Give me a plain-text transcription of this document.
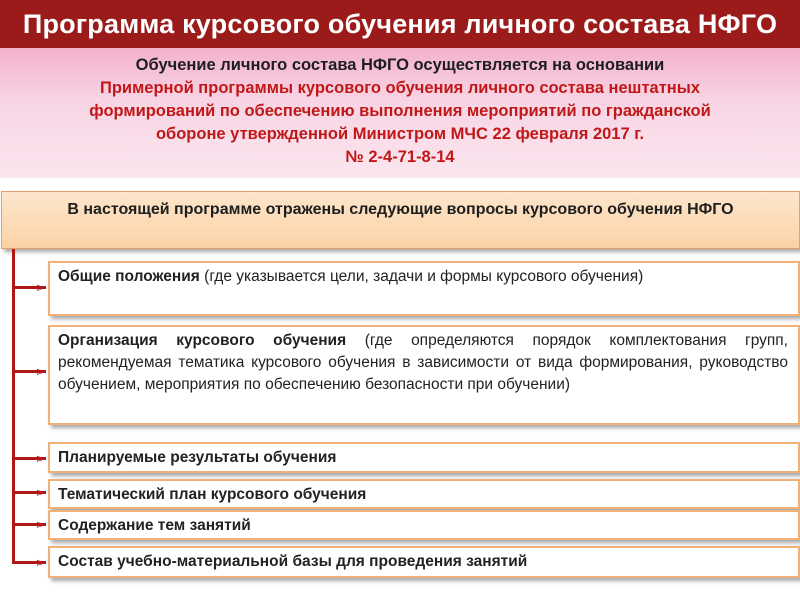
Программа курсового обучения личного состава НФГО
Обучение личного состава НФГО осуществляется на основании
Примерной программы курсового обучения личного состава нештатных
формирований по обеспечению выполнения мероприятий по гражданской
обороне утвержденной Министром МЧС 22 февраля 2017 г.
№ 2-4-71-8-14
В настоящей программе отражены следующие вопросы курсового обучения НФГО
▻
▻
▻
▻
▻
▻
Общие положения (где указывается цели, задачи и формы курсового обучения)
Организация курсового обучения (где определяются порядок комплектования групп, рекомендуемая тематика курсового обучения в зависимости от вида формирования, руководство обучением, мероприятия по обеспечению безопасности при обучении)
Планируемые результаты обучения
Тематический план курсового обучения
Содержание тем занятий
Состав учебно-материальной базы для проведения занятий
